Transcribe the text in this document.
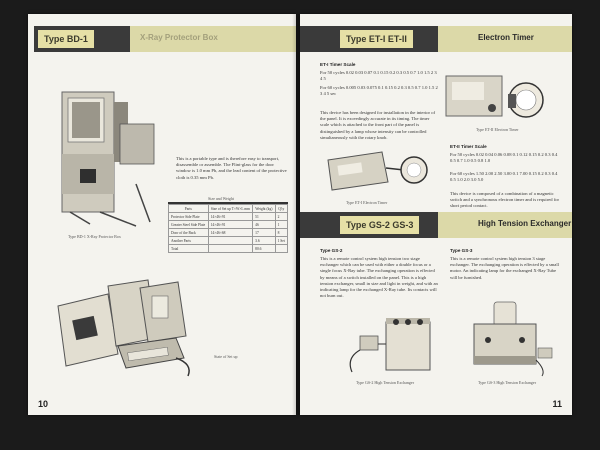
Type BD-1	X-Ray Protector Box
Type BD-1 X-Ray Protector Box
This is a portable type and is therefore easy to transport, disassemble or assemble. The Flint-glass for the door window is 1.0 mm Pb, and the lead content of the protective cloth is 0.35 mm Pb.
Size and Weight
Parts	Size of Set up T×W×L mm	Weight (kg)	Q'ty
Protector Side Plate	14×46×91	51	2
Greater Steel Side Plate	14×46×91	46	1
Door of the Back	14×46×68	17	8
Another Parts		3.6	1 Set
Total		80.6	
State of Set up
10
Type ET-I ET-II	Electron Timer
ET-I Timer Scale
For 50 cycles 0.02 0.03 0.07 0.1 0.15 0.2 0.3 0.5 0.7 1.0 1.5 2 3 4 5
For 60 cycles 0.005 0.03 0.075 0.1 0.15 0.2 0.3 0.5 0.7 1.0 1.5 2 3 4 5 sec
This device has been designed for installation in the interior of the panel. It is exceedingly accurate in its timing. The timer scale which is attached to the front part of the panel is distinguished by a lamp whose intensity can be controlled simultaneously with the rotary knob.
Type ET-II Electron Timer
Type ET-I Electron Timer
ET-II Timer Scale
For 50 cycles 0.02 0.04 0.06 0.08 0.1 0.12 0.15 0.2 0.3 0.4 0.5 0.7 1.0 0.5 0.8 1.0
For 60 cycles 1.50 2.00 2.50 3.00 0.1 7.00 0.15 0.2 0.3 0.4 0.5 1.0 2.0 3.0 5.0
This device is composed of a combination of a magnetic switch and a synchronous electron timer and is required for short period contact.
Type GS-2 GS-3	High Tension Exchanger
Type GS-2
This is a remote control system high tension two stage exchanger which can be used with either a double focus or a single focus X-Ray tube. The exchanging operation is effected by means of a switch installed on the panel. This is a high tension exchanger, small in size and light in weight, and with an indicating lamp for the exchanged X-Ray tube. Its contacts will not burn out.
Type GS-3
This is a remote control system high tension 3 stage exchanger. The exchanging operation is effected by a small motor. An indicating lamp for the exchanged X-Ray Tube will be furnished.
Type GS-2 High Tension Exchanger	Type GS-3 High Tension Exchanger
11
